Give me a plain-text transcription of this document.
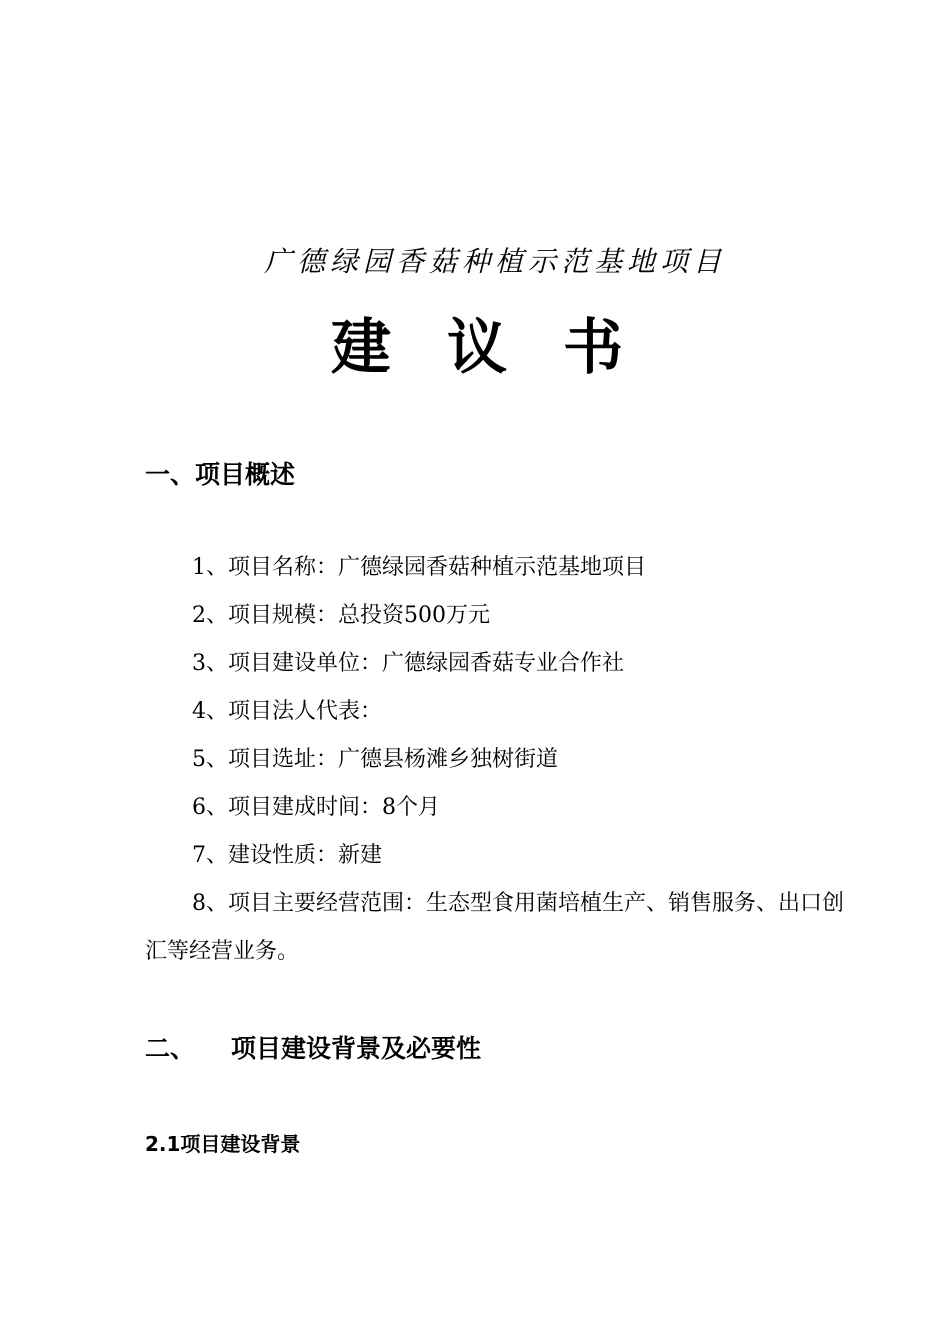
广德绿园香菇种植示范基地项目
建议书
一、项目概述
1、项目名称：广德绿园香菇种植示范基地项目
2、项目规模：总投资500万元
3、项目建设单位：广德绿园香菇专业合作社
4、项目法人代表：
5、项目选址：广德县杨滩乡独树街道
6、项目建成时间：8个月
7、建设性质：新建
8、项目主要经营范围：生态型食用菌培植生产、销售服务、出口创汇等经营业务。
二、 项目建设背景及必要性
2.1项目建设背景
